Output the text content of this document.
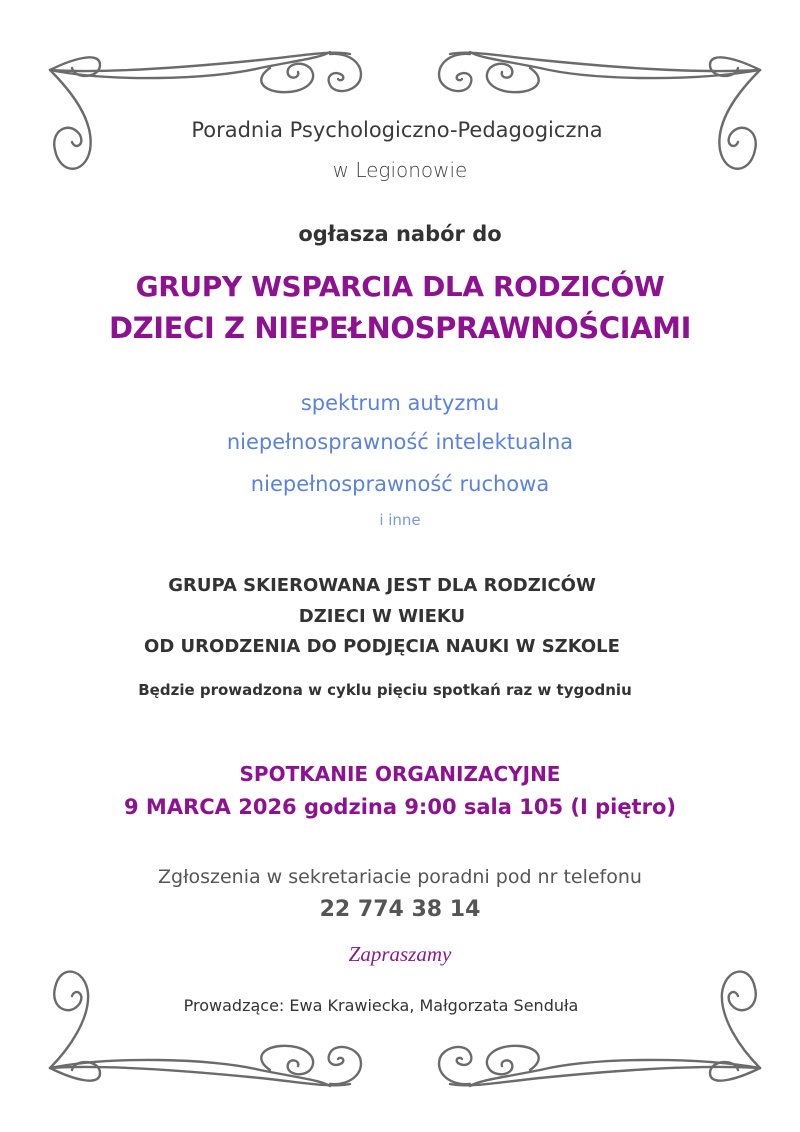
Poradnia Psychologiczno-Pedagogiczna
w Legionowie
ogłasza nabór do
GRUPY WSPARCIA DLA RODZICÓW
DZIECI Z NIEPEŁNOSPRAWNOŚCIAMI
spektrum autyzmu
niepełnosprawność intelektualna
niepełnosprawność ruchowa
i inne
GRUPA SKIEROWANA JEST DLA RODZICÓW
DZIECI W WIEKU
OD URODZENIA DO PODJĘCIA NAUKI W SZKOLE
Będzie prowadzona w cyklu pięciu spotkań raz w tygodniu
SPOTKANIE ORGANIZACYJNE
9 MARCA 2026 godzina 9:00 sala 105 (I piętro)
Zgłoszenia w sekretariacie poradni pod nr telefonu
22 774 38 14
Zapraszamy
Prowadzące: Ewa Krawiecka, Małgorzata Senduła
